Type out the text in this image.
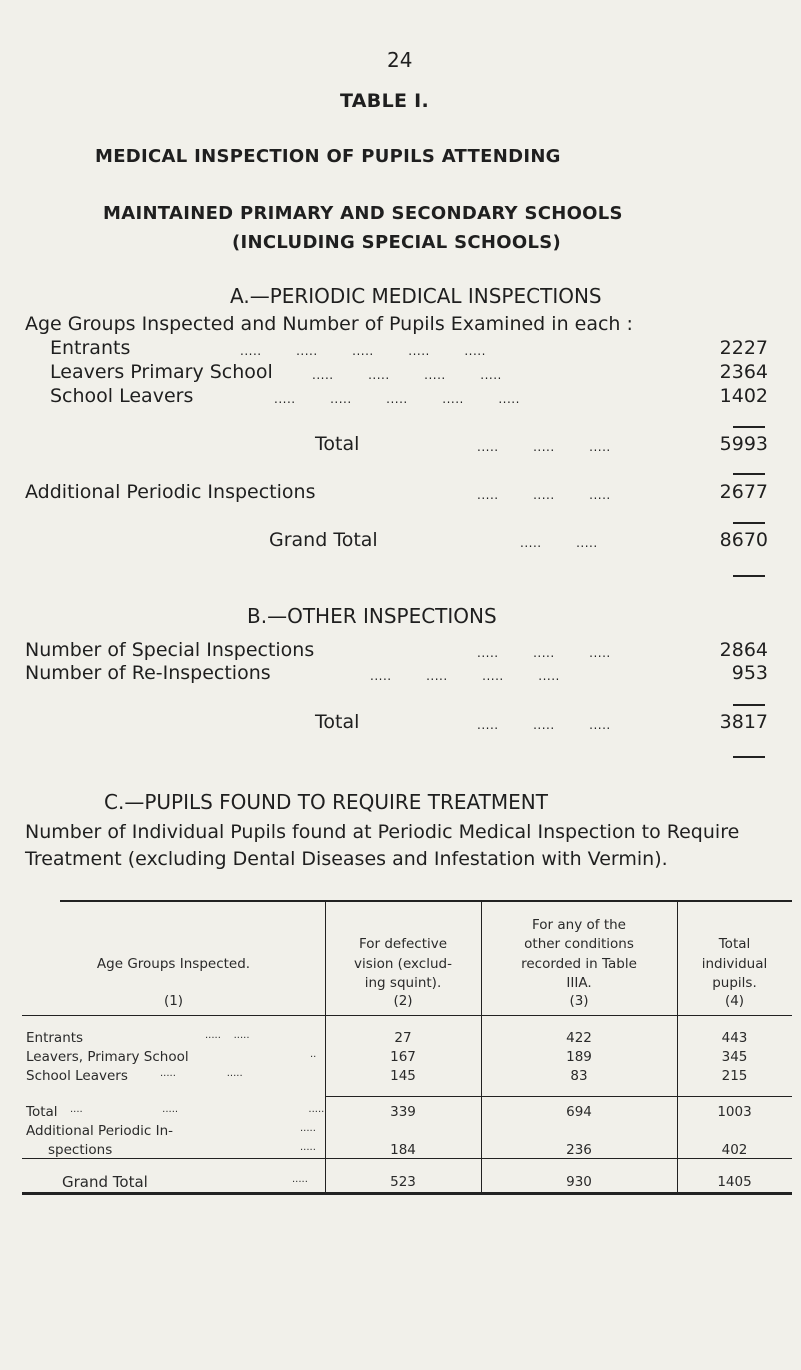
24
TABLE I.
MEDICAL INSPECTION OF PUPILS ATTENDING
MAINTAINED PRIMARY AND SECONDARY SCHOOLS
(INCLUDING SPECIAL SCHOOLS)
A.—PERIODIC MEDICAL INSPECTIONS
Age Groups Inspected and Number of Pupils Examined in each :
Entrants	.....        .....        .....        .....        .....	2227
Leavers Primary School	.....        .....        .....        .....	2364
School Leavers	.....        .....        .....        .....        .....	1402
Total	.....        .....        .....	5993
Additional Periodic Inspections	.....        .....        .....	2677
Grand Total	.....        .....	8670
B.—OTHER INSPECTIONS
Number of Special Inspections	.....        .....        .....	2864
Number of Re-Inspections	.....        .....        .....        .....	953
Total	.....        .....        .....	3817
C.—PUPILS FOUND TO REQUIRE TREATMENT
Number of Individual Pupils found at Periodic Medical Inspection to Require Treatment (excluding Dental Diseases and Infestation with Vermin).
Age Groups Inspected.
(1)
For defective
vision (exclud-
ing squint).
(2)
For any of the
other conditions
recorded in Table
IIIA.
(3)
Total
individual
pupils.
(4)
Entrants	.....    .....	27	422	443
Leavers, Primary School	..	167	189	345
School Leavers	.....                .....	145	83	215
Total ....                         .....                                         .....	339	694	1003
Additional Periodic In-	.....
spections	.....	184	236	402
Grand Total	.....	523	930	1405
